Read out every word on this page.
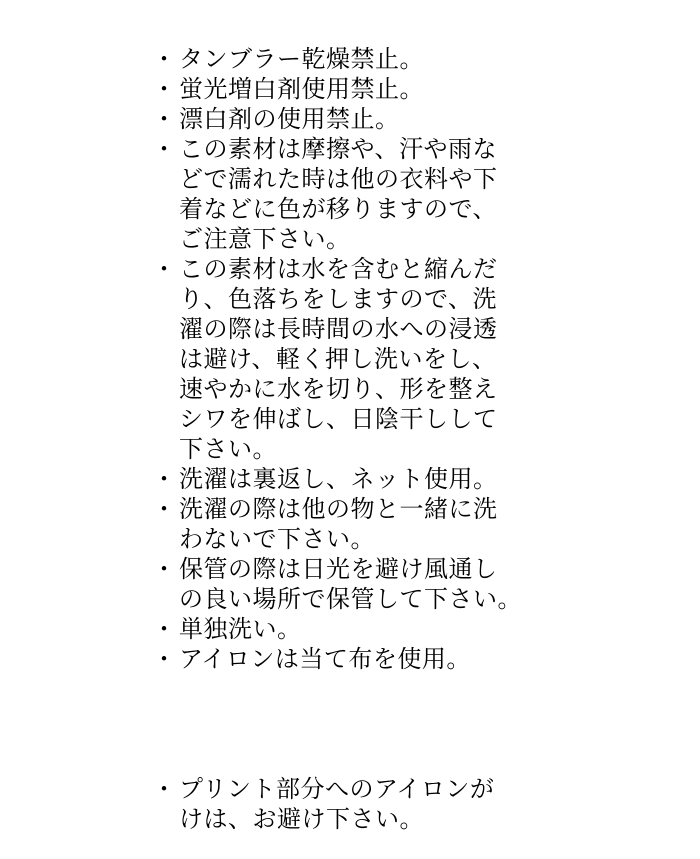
・ タンブラー乾燥禁止。
・ 蛍光増白剤使用禁止。
・ 漂白剤の使用禁止。
・ この素材は摩擦や、汗や雨な
どで濡れた時は他の衣料や下
着などに色が移りますので、
ご注意下さい。
・ この素材は水を含むと縮んだ
り、色落ちをしますので、洗
濯の際は長時間の水への浸透
は避け、軽く押し洗いをし、
速やかに水を切り、形を整え
シワを伸ばし、日陰干しして
下さい。
・ 洗濯は裏返し、ネット使用。
・ 洗濯の際は他の物と一緒に洗
わないで下さい。
・ 保管の際は日光を避け風通し
の良い場所で保管して下さい。
・ 単独洗い。
・ アイロンは当て布を使用。
・ プリント部分へのアイロンが
けは、お避け下さい。
